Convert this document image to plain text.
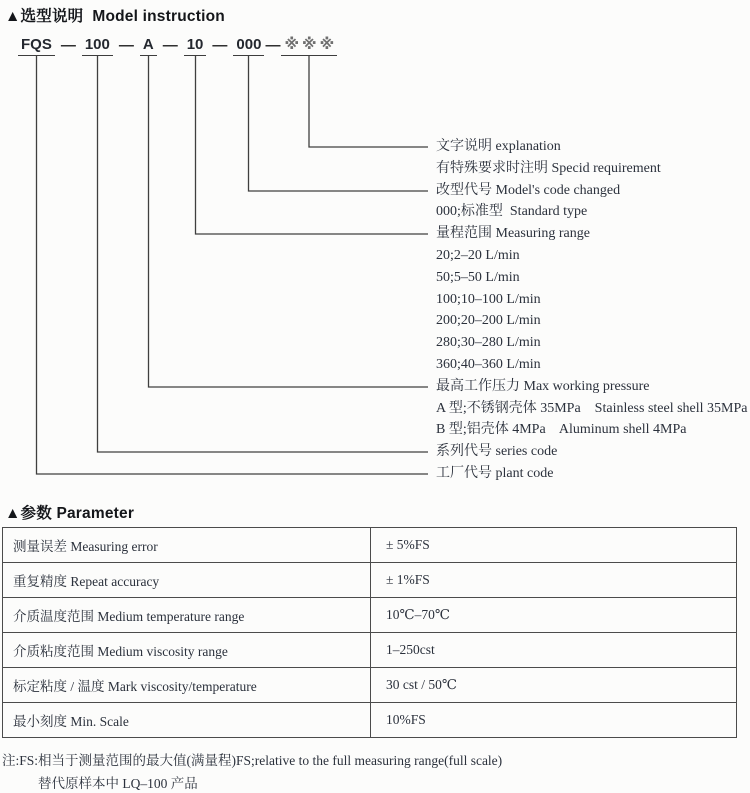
▲选型说明  Model instruction
FQS — 100 — A — 10 — 000 — ※※※
文字说明 explanation
有特殊要求时注明 Specid requirement
改型代号 Model's code changed
000;标准型  Standard type
量程范围 Measuring range
20;2–20 L/min
50;5–50 L/min
100;10–100 L/min
200;20–200 L/min
280;30–280 L/min
360;40–360 L/min
最高工作压力 Max working pressure
A 型;不锈钢壳体 35MPa    Stainless steel shell 35MPa
B 型;铝壳体 4MPa    Aluminum shell 4MPa
系列代号 series code
工厂代号 plant code
▲参数 Parameter
测量误差 Measuring error	± 5%FS
重复精度 Repeat accuracy	± 1%FS
介质温度范围 Medium temperature range	10℃–70℃
介质粘度范围 Medium viscosity range	1–250cst
标定粘度 / 温度 Mark viscosity/temperature	30 cst / 50℃
最小刻度 Min. Scale	10%FS
注:FS:相当于测量范围的最大值(满量程)FS;relative to the full measuring range(full scale)
替代原样本中 LQ–100 产品
